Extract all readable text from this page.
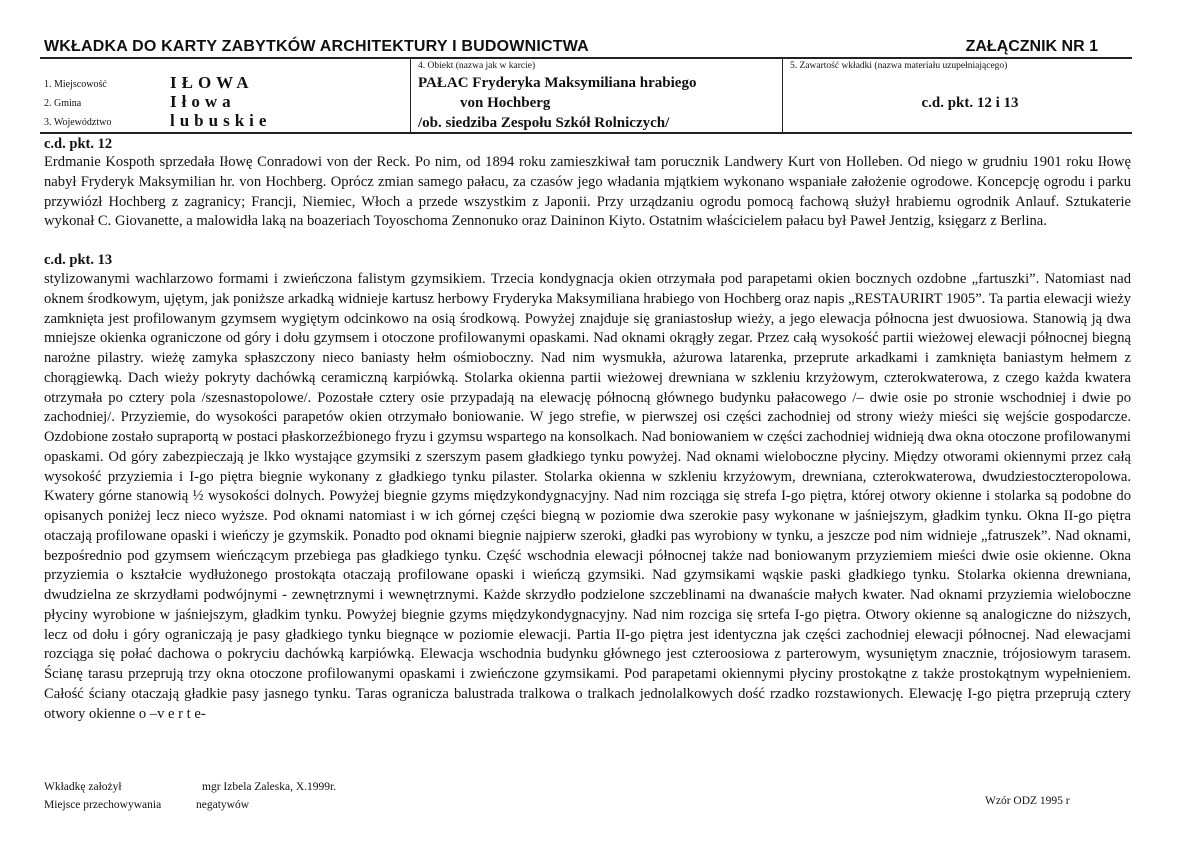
WKŁADKA DO KARTY ZABYTKÓW ARCHITEKTURY I BUDOWNICTWA	ZAŁĄCZNIK NR 1
1. Miejscowość	IŁOWA
2. Gmina	Iłowa
3. Województwo	lubuskie
4. Obiekt (nazwa jak w karcie)
PAŁAC Fryderyka Maksymiliana hrabiego
von Hochberg
/ob. siedziba Zespołu Szkół Rolniczych/
5. Zawartość wkładki (nazwa materiału uzupełniającego)
c.d. pkt. 12 i 13
c.d. pkt. 12

Erdmanie Kospoth sprzedała Iłowę Conradowi von der Reck. Po nim, od 1894 roku zamieszkiwał tam porucznik Landwery Kurt von Holleben. Od niego w grudniu 1901 roku Iłowę nabył Fryderyk Maksymilian hr. von Hochberg. Oprócz zmian samego pałacu, za czasów jego władania mjątkiem wykonano wspaniałe założenie ogrodowe. Koncepcję ogrodu i parku przywiózł Hochberg z zagranicy; Francji, Niemiec, Włoch a przede wszystkim z Japonii. Przy urządzaniu ogrodu pomocą fachową służył hrabiemu ogrodnik Anlauf. Sztukaterie wykonał C. Giovanette, a malowidła laką na boazeriach Toyoschoma Zennonuko oraz Daininon Kiyto. Ostatnim właścicielem pałacu był Paweł Jentzig, księgarz z Berlina.

c.d. pkt. 13

stylizowanymi wachlarzowo formami i zwieńczona falistym gzymsikiem. Trzecia kondygnacja okien otrzymała pod parapetami okien bocznych ozdobne „fartuszki”. Natomiast nad oknem środkowym, ujętym, jak poniższe arkadką widnieje kartusz herbowy Fryderyka Maksymiliana hrabiego von Hochberg oraz napis „RESTAURIRT 1905”. Ta partia elewacji wieży zamknięta jest profilowanym gzymsem wygiętym odcinkowo na osią środkową. Powyżej znajduje się graniastosłup wieży, a jego elewacja północna jest dwuosiowa. Stanowią ją dwa mniejsze okienka ograniczone od góry i dołu gzymsem i otoczone profilowanymi opaskami. Nad oknami okrągły zegar. Przez całą wysokość partii wieżowej elewacji północnej biegną narożne pilastry. wieżę zamyka spłaszczony nieco baniasty hełm ośmioboczny. Nad nim wysmukła, ażurowa latarenka, przeprute arkadkami i zamknięta baniastym hełmem z chorągiewką. Dach wieży pokryty dachówką ceramiczną karpiówką. Stolarka okienna partii wieżowej drewniana w szkleniu krzyżowym, czterokwaterowa, z czego każda kwatera otrzymała po cztery pola /szesnastopolowe/. Pozostałe cztery osie przypadają na elewację północną głównego budynku pałacowego /– dwie osie po stronie wschodniej i dwie po zachodniej/. Przyziemie, do wysokości parapetów okien otrzymało boniowanie. W jego strefie, w pierwszej osi części zachodniej od strony wieży mieści się wejście gospodarcze. Ozdobione zostało supraportą w postaci płaskorzeźbionego fryzu i gzymsu wspartego na konsolkach. Nad boniowaniem w części zachodniej widnieją dwa okna otoczone profilowanymi opaskami. Od góry zabezpieczają je lkko wystające gzymsiki z szerszym pasem gładkiego tynku powyżej. Nad oknami wieloboczne płyciny. Między otworami okiennymi przez całą wysokość przyziemia i I-go piętra biegnie wykonany z gładkiego tynku pilaster. Stolarka okienna w szkleniu krzyżowym, drewniana, czterokwaterowa, dwudziestoczteropolowa. Kwatery górne stanowią ½ wysokości dolnych. Powyżej biegnie gzyms międzykondygnacyjny. Nad nim rozciąga się strefa I-go piętra, której otwory okienne i stolarka są podobne do opisanych poniżej lecz nieco wyższe. Pod oknami natomiast i w ich górnej części biegną w poziomie dwa szerokie pasy wykonane w jaśniejszym, gładkim tynku. Okna II-go piętra otaczają profilowane opaski i wieńczy je gzymskik. Ponadto pod oknami biegnie najpierw szeroki, gładki pas wyrobiony w tynku, a jeszcze pod nim widnieje „fatruszek”. Nad oknami, bezpośrednio pod gzymsem wieńczącym przebiega pas gładkiego tynku. Część wschodnia elewacji północnej także nad boniowanym przyziemiem mieści dwie osie okienne. Okna przyziemia o kształcie wydłużonego prostokąta otaczają profilowane opaski i wieńczą gzymsiki. Nad gzymsikami wąskie paski gładkiego tynku. Stolarka okienna drewniana, dwudzielna ze skrzydłami podwójnymi - zewnętrznymi i wewnętrznymi. Każde skrzydło podzielone szczeblinami na dwanaście małych kwater. Nad oknami przyziemia wieloboczne płyciny wyrobione w jaśniejszym, gładkim tynku. Powyżej biegnie gzyms międzykondygnacyjny. Nad nim rozciga się srtefa I-go piętra. Otwory okienne są analogiczne do niższych, lecz od dołu i góry ograniczają je pasy gładkiego tynku biegnące w poziomie elewacji. Partia II-go piętra jest identyczna jak części zachodniej elewacji północnej. Nad elewacjami rozciąga się połać dachowa o pokryciu dachówką karpiówką. Elewacja wschodnia budynku głównego jest czteroosiowa z parterowym, wysuniętym znacznie, trójosiowym tarasem. Ścianę tarasu przeprują trzy okna otoczone profilowanymi opaskami i zwieńczone gzymsikami. Pod parapetami okiennymi płyciny prostokątne z także prostokątnym wypełnieniem. Całość ściany otaczają gładkie pasy jasnego tynku. Taras ogranicza balustrada tralkowa o tralkach jednolalkowych dość rzadko rozstawionych. Elewację I-go piętra przeprują cztery otwory okienne o –v e r t e-

Wkładkę założył	mgr Izbela Zaleska, X.1999r.
Miejsce przechowywania	negatywów	Wzór ODZ 1995 r
